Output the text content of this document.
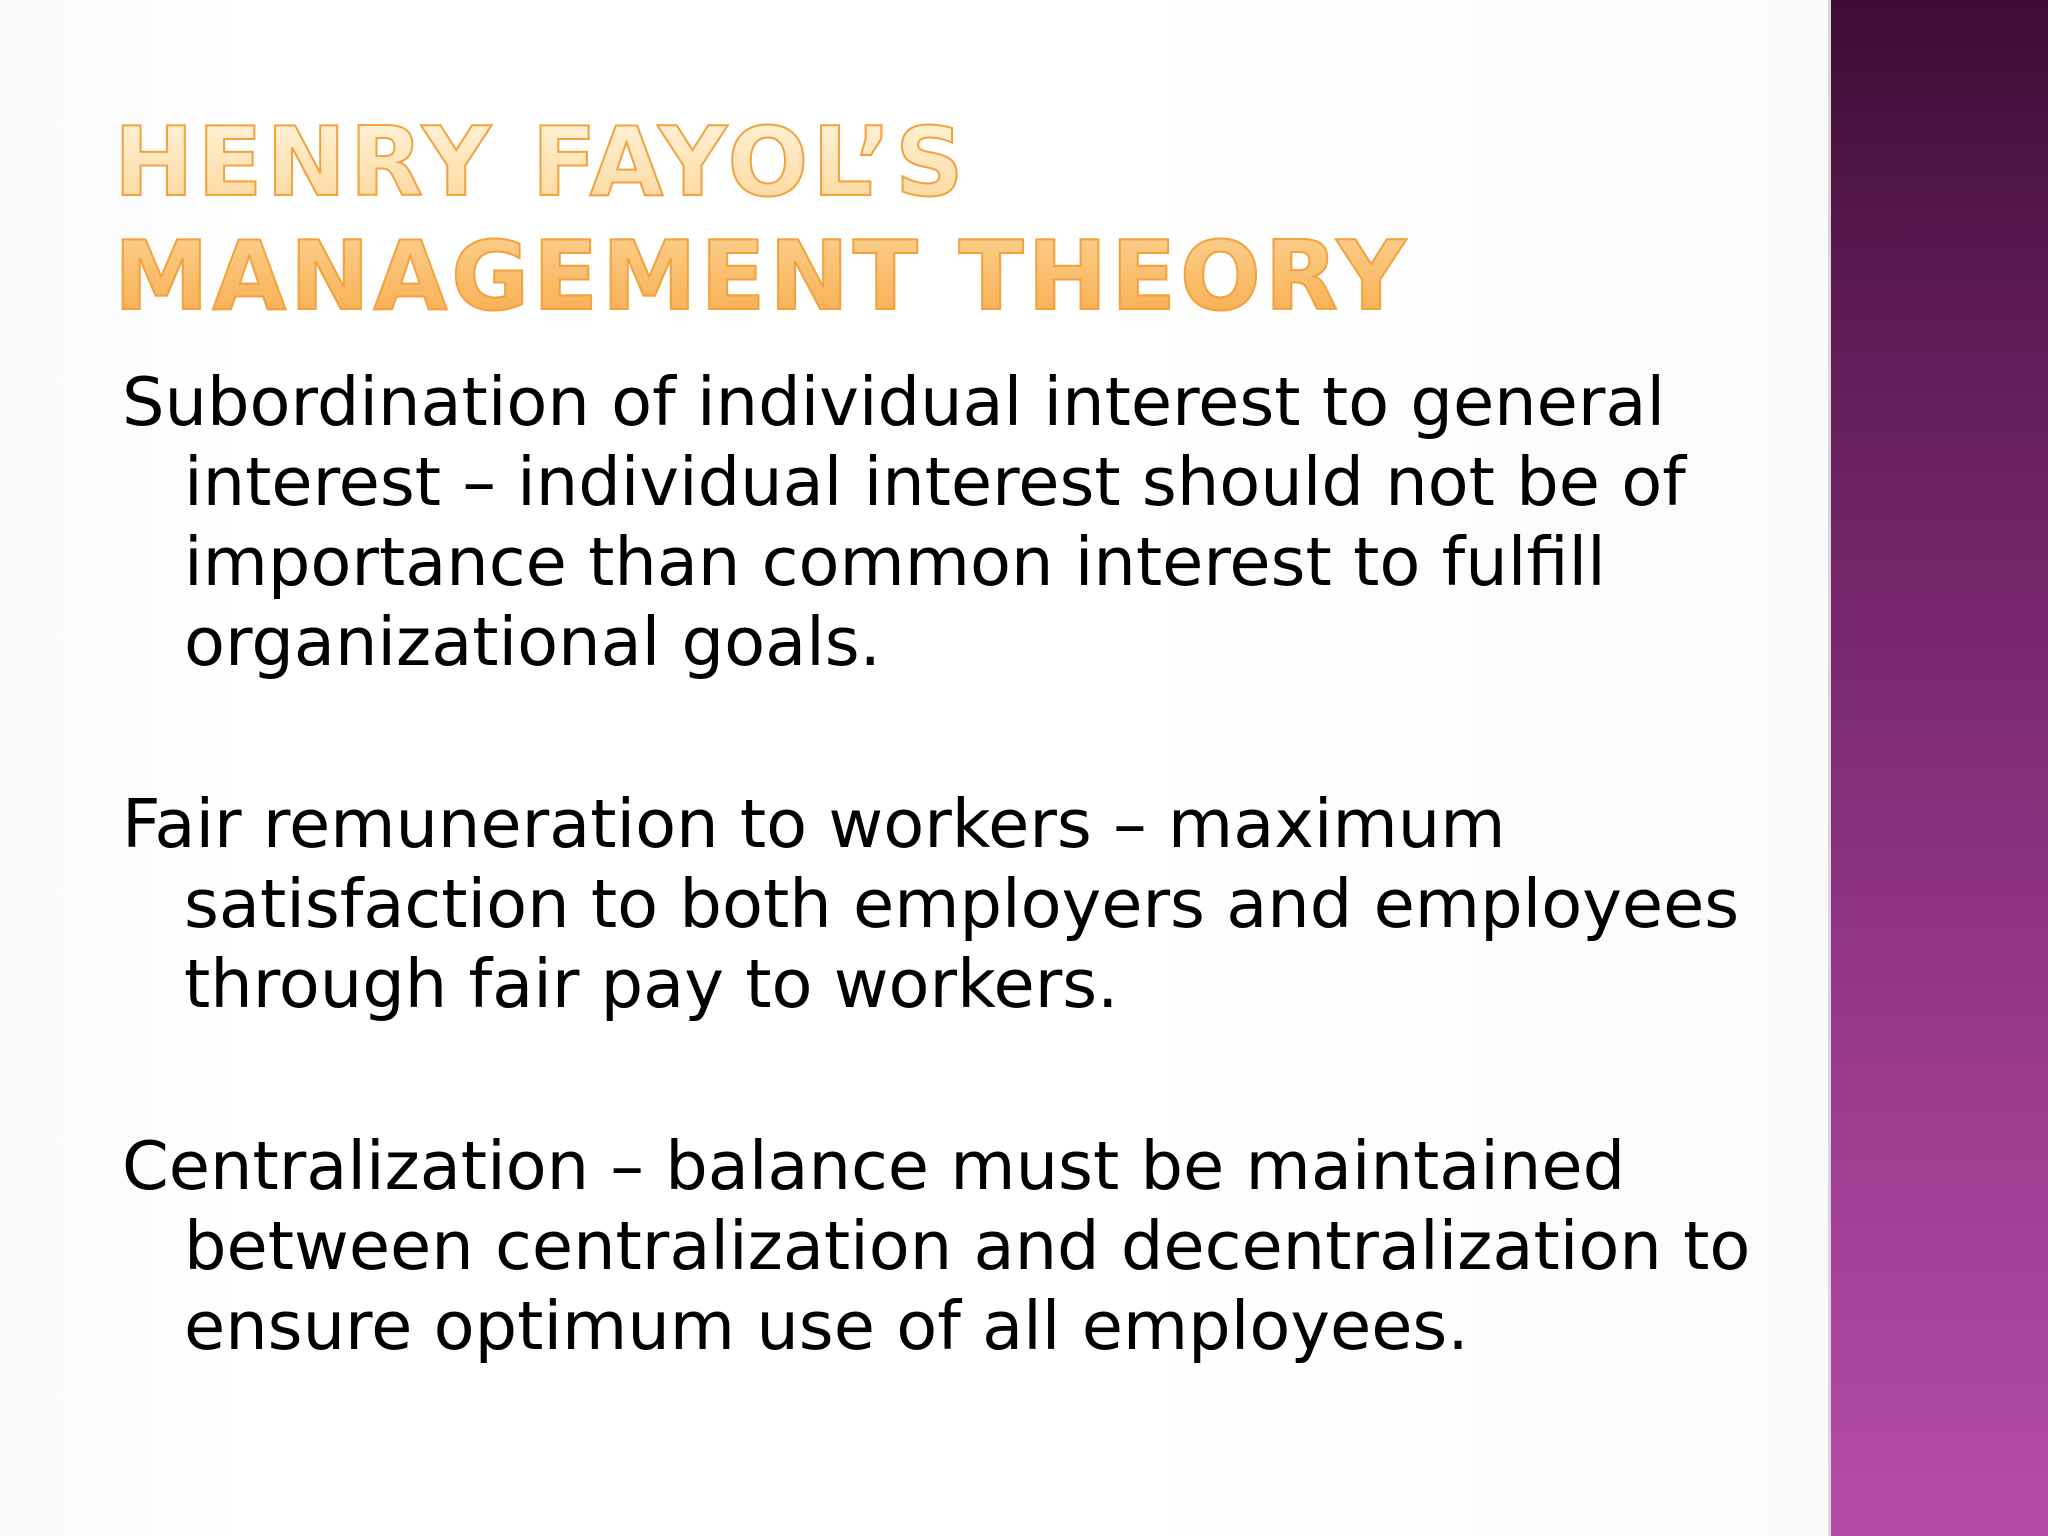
HENRY FAYOL’S MANAGEMENT THEORY

Subordination of individual interest to general interest – individual interest should not be of importance than common interest to fulfill organizational goals.

Fair remuneration to workers – maximum satisfaction to both employers and employees through fair pay to workers.

Centralization – balance must be maintained between centralization and decentralization to ensure optimum use of all employees.
